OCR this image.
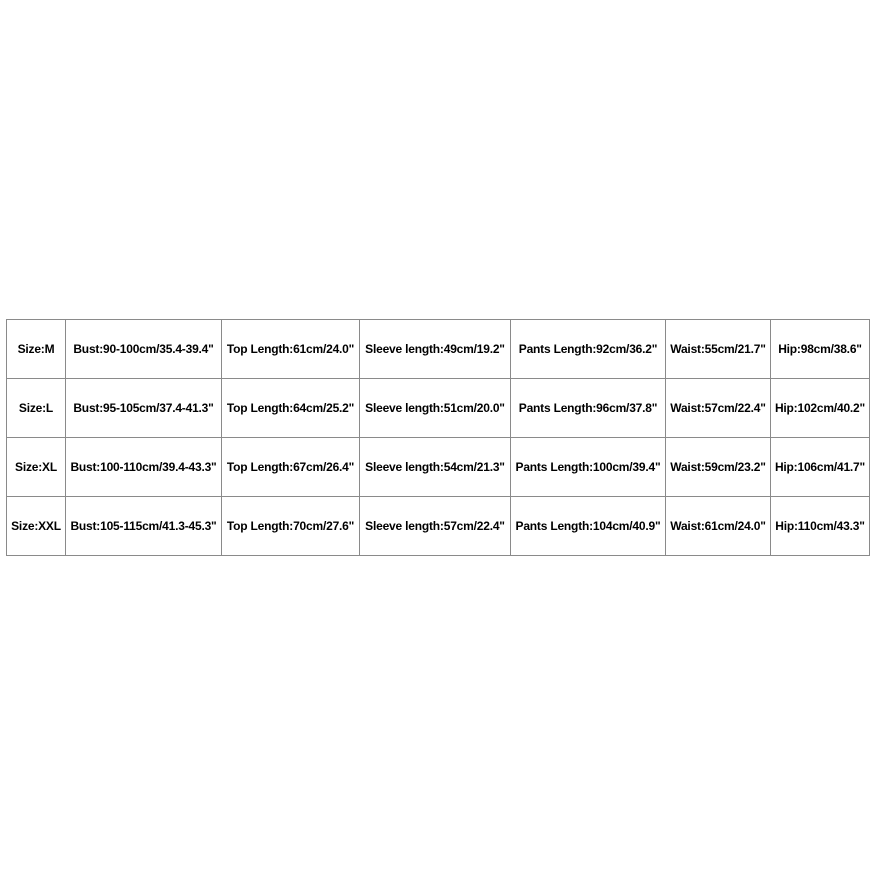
Size:M	Bust:90-100cm/35.4-39.4"	Top Length:61cm/24.0"	Sleeve length:49cm/19.2"	Pants Length:92cm/36.2"	Waist:55cm/21.7"	Hip:98cm/38.6"
Size:L	Bust:95-105cm/37.4-41.3"	Top Length:64cm/25.2"	Sleeve length:51cm/20.0"	Pants Length:96cm/37.8"	Waist:57cm/22.4"	Hip:102cm/40.2"
Size:XL	Bust:100-110cm/39.4-43.3"	Top Length:67cm/26.4"	Sleeve length:54cm/21.3"	Pants Length:100cm/39.4"	Waist:59cm/23.2"	Hip:106cm/41.7"
Size:XXL	Bust:105-115cm/41.3-45.3"	Top Length:70cm/27.6"	Sleeve length:57cm/22.4"	Pants Length:104cm/40.9"	Waist:61cm/24.0"	Hip:110cm/43.3"
